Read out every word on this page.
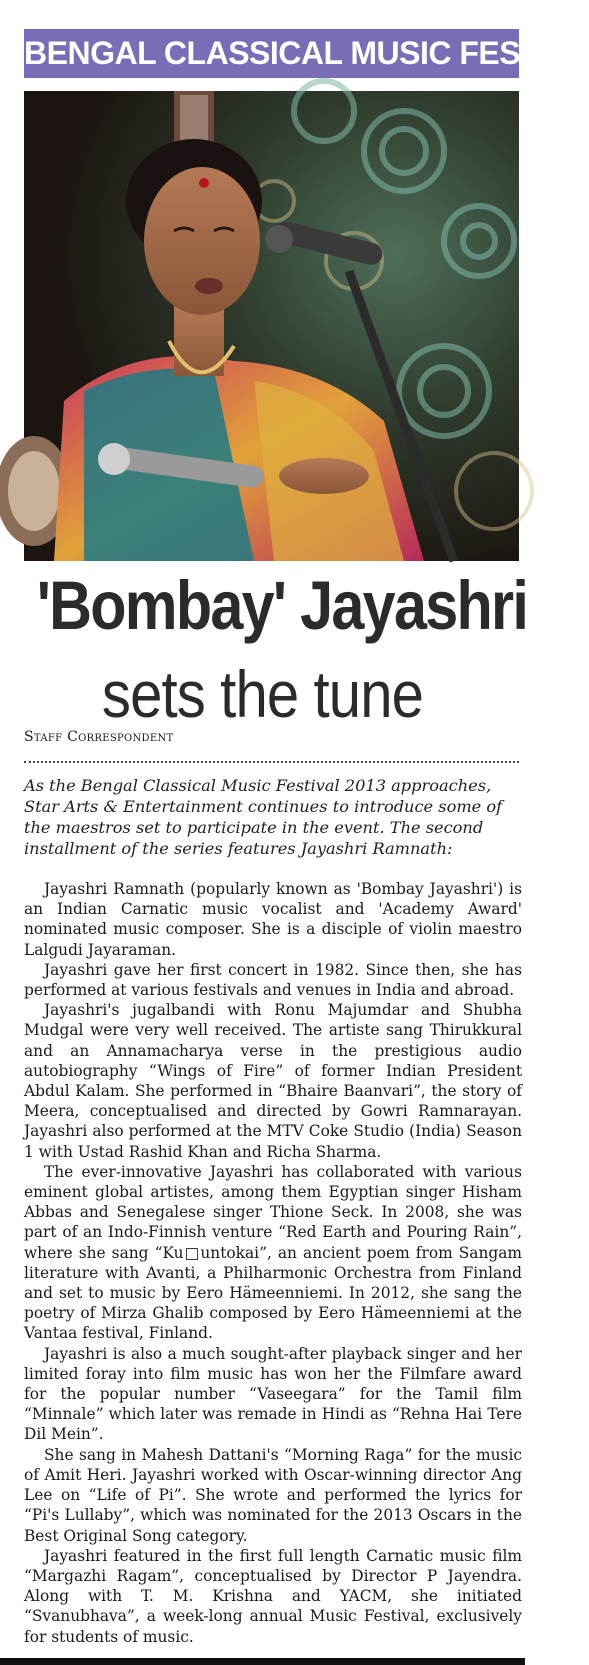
BENGAL CLASSICAL MUSIC FEST '13
'Bombay' Jayashri
sets the tune
Staff Correspondent
As the Bengal Classical Music Festival 2013 approaches, Star Arts & Entertainment continues to introduce some of the maestros set to participate in the event. The second installment of the series features Jayashri Ramnath:

Jayashri Ramnath (popularly known as 'Bombay Jayashri') is an Indian Carnatic music vocalist and 'Academy Award' nominated music composer. She is a disciple of violin maestro Lalgudi Jayaraman.

Jayashri gave her first concert in 1982. Since then, she has performed at various festivals and venues in India and abroad.

Jayashri's jugalbandi with Ronu Majumdar and Shubha Mudgal were very well received. The artiste sang Thirukkural and an Annamacharya verse in the prestigious audio autobiography “Wings of Fire” of former Indian President Abdul Kalam. She performed in “Bhaire Baanvari”, the story of Meera, conceptualised and directed by Gowri Ramnarayan. Jayashri also performed at the MTV Coke Studio (India) Season 1 with Ustad Rashid Khan and Richa Sharma.

The ever-innovative Jayashri has collaborated with various eminent global artistes, among them Egyptian singer Hisham Abbas and Senegalese singer Thione Seck. In 2008, she was part of an Indo-Finnish venture “Red Earth and Pouring Rain”, where she sang “Ku□untokai”, an ancient poem from Sangam literature with Avanti, a Philharmonic Orchestra from Finland and set to music by Eero Hämeenniemi. In 2012, she sang the poetry of Mirza Ghalib composed by Eero Hämeenniemi at the Vantaa festival, Finland.

Jayashri is also a much sought-after playback singer and her limited foray into film music has won her the Filmfare award for the popular number “Vaseegara” for the Tamil film “Minnale” which later was remade in Hindi as “Rehna Hai Tere Dil Mein”.

She sang in Mahesh Dattani's “Morning Raga” for the music of Amit Heri. Jayashri worked with Oscar-winning director Ang Lee on “Life of Pi”. She wrote and performed the lyrics for “Pi's Lullaby”, which was nominated for the 2013 Oscars in the Best Original Song category.

Jayashri featured in the first full length Carnatic music film “Margazhi Ragam”, conceptualised by Director P Jayendra. Along with T. M. Krishna and YACM, she initiated “Svanubhava”, a week-long annual Music Festival, exclusively for students of music.
